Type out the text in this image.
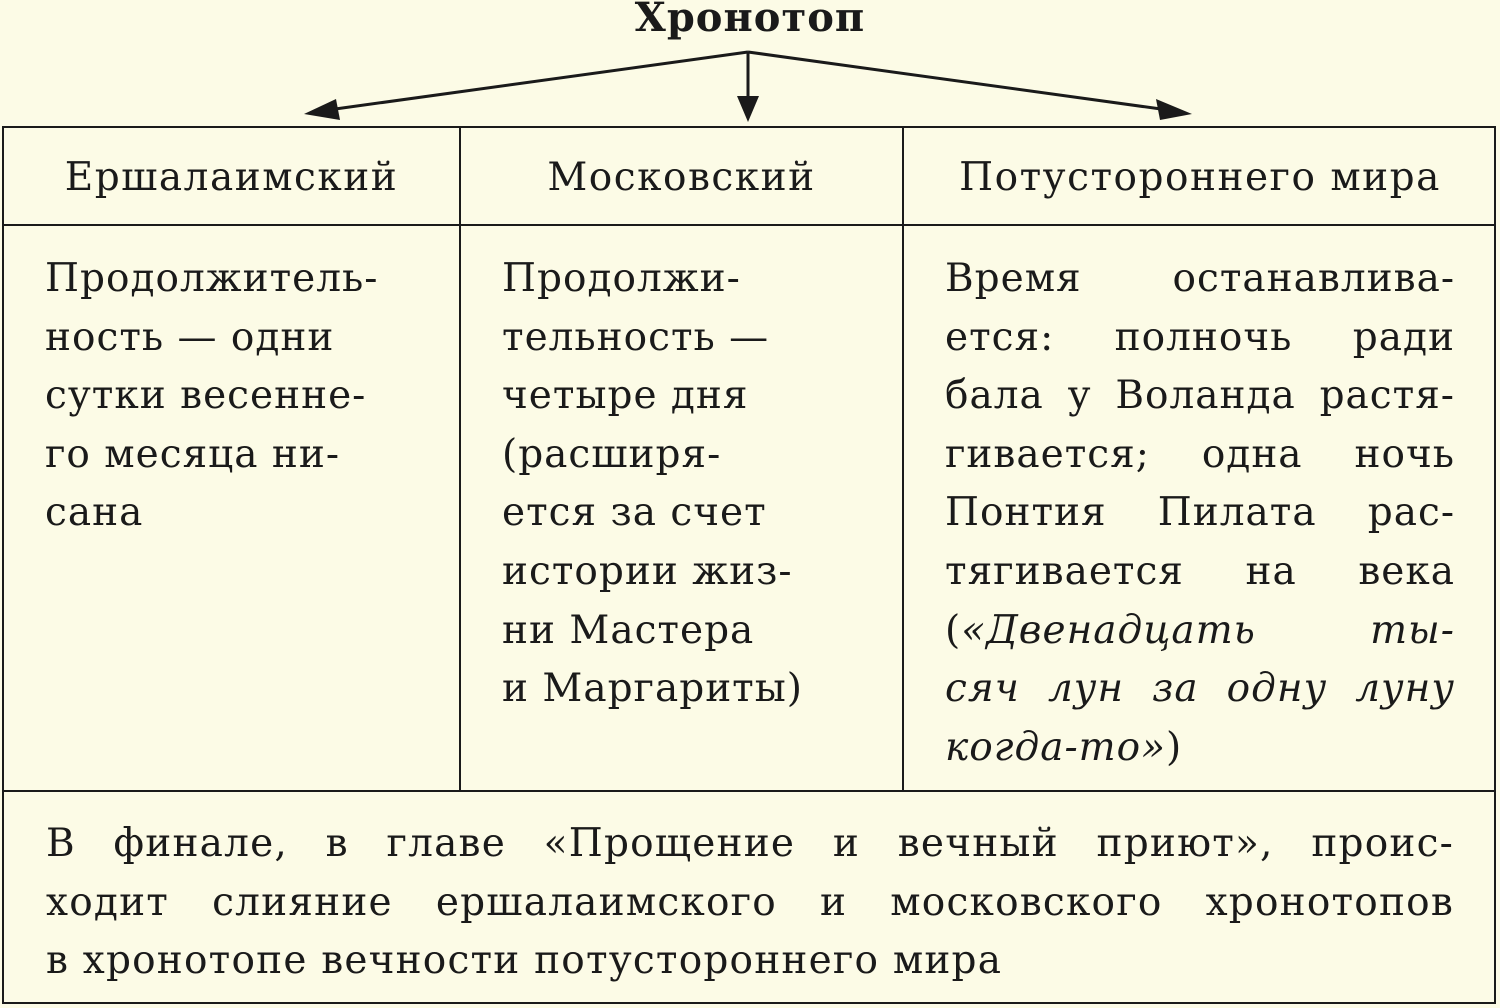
Хронотоп
Ершалаимский	Московский	Потустороннего мира
Продолжитель-
ность — одни
сутки весенне-
го месяца ни-
сана
Продолжи-
тельность —
четыре дня
(расширя-
ется за счет
истории жиз-
ни Мастера
и Маргариты)
Время останавлива-
ется: полночь ради
бала у Воланда растя-
гивается; одна ночь
Понтия Пилата рас-
тягивается на века
(«Двенадцать ты-
сяч лун за одну луну
когда-то»)
В финале, в главе «Прощение и вечный приют», проис-
ходит слияние ершалаимского и московского хронотопов
в хронотопе вечности потустороннего мира
